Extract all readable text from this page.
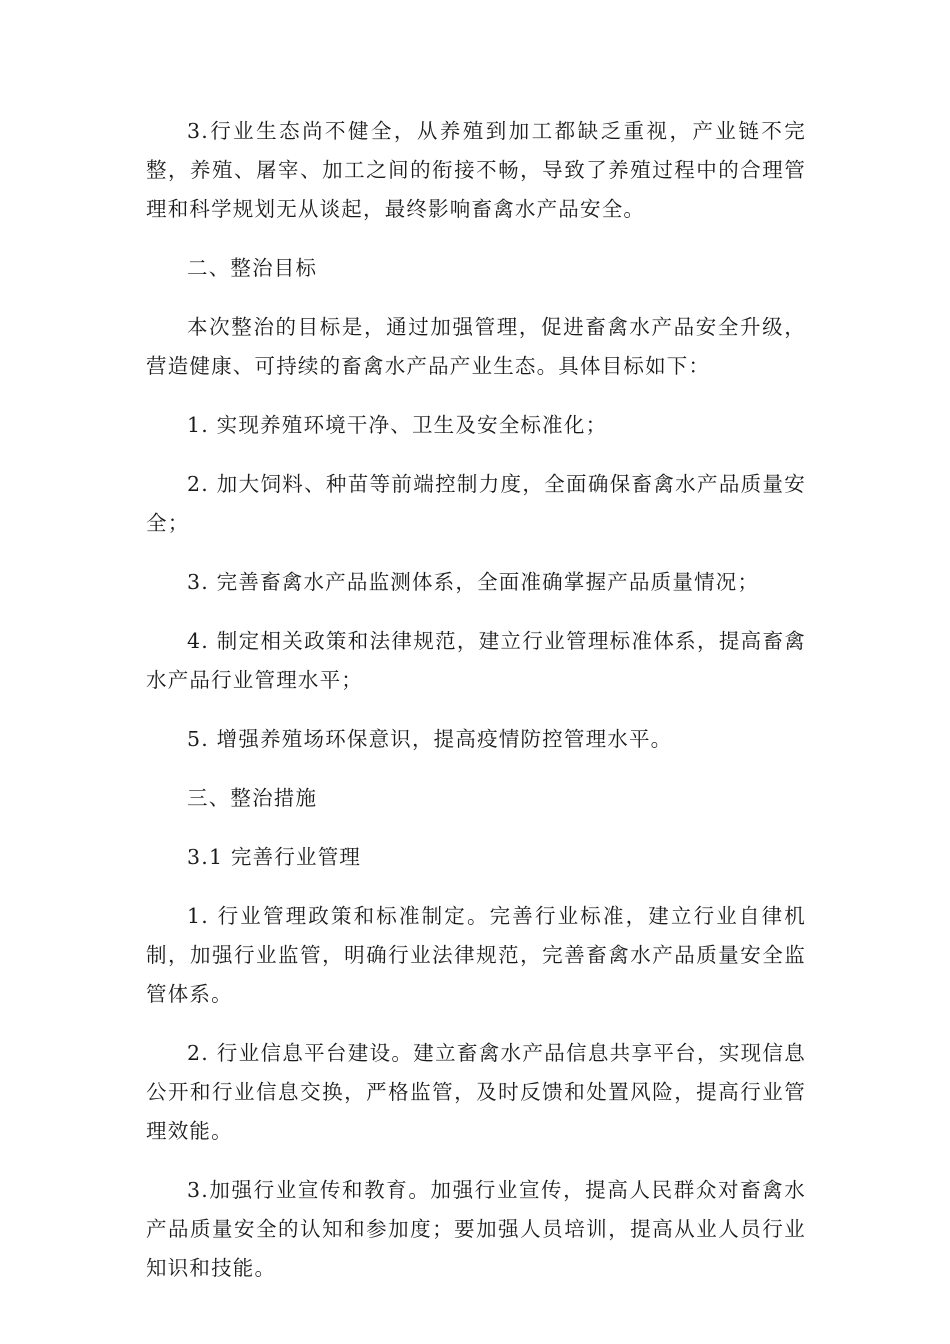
3.行业生态尚不健全，从养殖到加工都缺乏重视，产业链不完整，养殖、屠宰、加工之间的衔接不畅，导致了养殖过程中的合理管理和科学规划无从谈起，最终影响畜禽水产品安全。

二、整治目标

本次整治的目标是，通过加强管理，促进畜禽水产品安全升级，营造健康、可持续的畜禽水产品产业生态。具体目标如下：

1. 实现养殖环境干净、卫生及安全标准化；

2. 加大饲料、种苗等前端控制力度，全面确保畜禽水产品质量安全；

3. 完善畜禽水产品监测体系，全面准确掌握产品质量情况；

4. 制定相关政策和法律规范，建立行业管理标准体系，提高畜禽水产品行业管理水平；

5. 增强养殖场环保意识，提高疫情防控管理水平。

三、整治措施

3.1 完善行业管理

1. 行业管理政策和标准制定。完善行业标准，建立行业自律机制，加强行业监管，明确行业法律规范，完善畜禽水产品质量安全监管体系。

2. 行业信息平台建设。建立畜禽水产品信息共享平台，实现信息公开和行业信息交换，严格监管，及时反馈和处置风险，提高行业管理效能。

3.加强行业宣传和教育。加强行业宣传，提高人民群众对畜禽水产品质量安全的认知和参加度；要加强人员培训，提高从业人员行业知识和技能。
